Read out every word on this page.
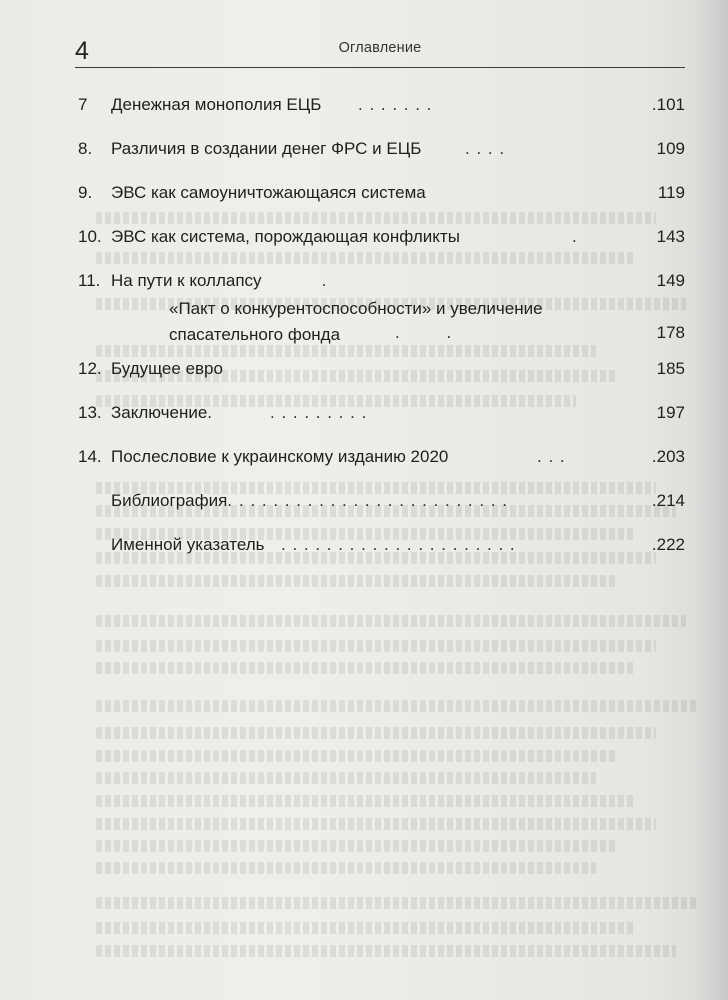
4	Оглавление
7 Денежная монополия ЕЦБ . . . . . . .	.101
8. Различия в создании денег ФРС и ЕЦБ	. . . .	109
9. ЭВС как самоуничтожающаяся система	119
10. ЭВС как система, порождающая конфликты	.	143
11. На пути к коллапсу .	149
«Пакт о конкурентоспособности» и увеличение спасательного фонда	.        .	178
12. Будущее евро	185
13. Заключение.	. . . . . . . . .	197
14. Послесловие к украинскому изданию 2020	. . .	.203
Библиография. . . . . . . . . . . . . . . . . . . . . . . . .	.214
Именной указатель . . . . . . . . . . . . . . . . . . . . .	.222
